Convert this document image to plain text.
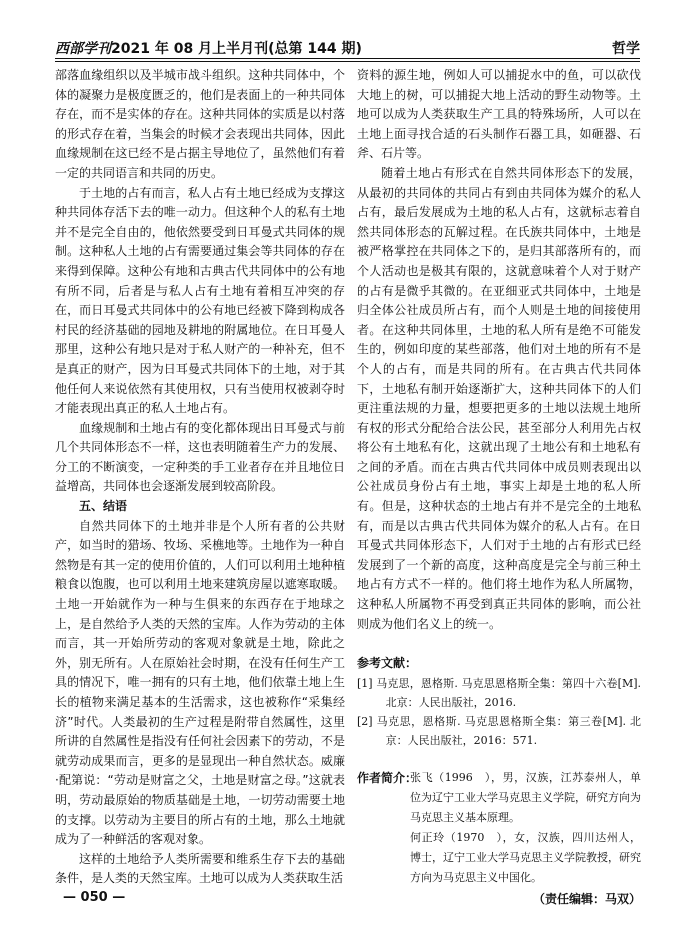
西部学刊2021 年 08 月上半月刊(总第 144 期)	哲学

部落血缘组织以及半城市战斗组织。这种共同体中，个体的凝聚力是极度匮乏的，他们是表面上的一种共同体存在，而不是实体的存在。这种共同体的实质是以村落的形式存在着，当集会的时候才会表现出共同体，因此血缘规制在这已经不是占据主导地位了，虽然他们有着一定的共同语言和共同的历史。

于土地的占有而言，私人占有土地已经成为支撑这种共同体存活下去的唯一动力。但这种个人的私有土地并不是完全自由的，他依然要受到日耳曼式共同体的规制。这种私人土地的占有需要通过集会等共同体的存在来得到保障。这种公有地和古典古代共同体中的公有地有所不同，后者是与私人占有土地有着相互冲突的存在，而日耳曼式共同体中的公有地已经被下降到构成各村民的经济基础的园地及耕地的附属地位。在日耳曼人那里，这种公有地只是对于私人财产的一种补充，但不是真正的财产，因为日耳曼式共同体下的土地，对于其他任何人来说依然有其使用权，只有当使用权被剥夺时才能表现出真正的私人土地占有。

血缘规制和土地占有的变化都体现出日耳曼式与前几个共同体形态不一样，这也表明随着生产力的发展、分工的不断演变，一定种类的手工业者存在并且地位日益增高，共同体也会逐渐发展到较高阶段。

五、结语

自然共同体下的土地并非是个人所有者的公共财产，如当时的猎场、牧场、采樵地等。土地作为一种自然物是有其一定的使用价值的，人们可以利用土地种植粮食以饱腹，也可以利用土地来建筑房屋以遮寒取暖。土地一开始就作为一种与生俱来的东西存在于地球之上，是自然给予人类的天然的宝库。人作为劳动的主体而言，其一开始所劳动的客观对象就是土地，除此之外，别无所有。人在原始社会时期，在没有任何生产工具的情况下，唯一拥有的只有土地，他们依靠土地上生长的植物来满足基本的生活需求，这也被称作“采集经济”时代。人类最初的生产过程是附带自然属性，这里所讲的自然属性是指没有任何社会因素下的劳动，不是就劳动成果而言，更多的是显现出一种自然状态。威廉·配第说：“劳动是财富之父，土地是财富之母。”这就表明，劳动最原始的物质基础是土地，一切劳动需要土地的支撑。以劳动为主要目的所占有的土地，那么土地就成为了一种鲜活的客观对象。

这样的土地给予人类所需要和维系生存下去的基础条件，是人类的天然宝库。土地可以成为人类获取生活

资料的源生地，例如人可以捕捉水中的鱼，可以砍伐大地上的树，可以捕捉大地上活动的野生动物等。土地可以成为人类获取生产工具的特殊场所，人可以在土地上面寻找合适的石头制作石器工具，如砸器、石斧、石片等。

随着土地占有形式在自然共同体形态下的发展，从最初的共同体的共同占有到由共同体为媒介的私人占有，最后发展成为土地的私人占有，这就标志着自然共同体形态的瓦解过程。在氏族共同体中，土地是被严格掌控在共同体之下的，是归其部落所有的，而个人活动也是极其有限的，这就意味着个人对于财产的占有是微乎其微的。在亚细亚式共同体中，土地是归全体公社成员所占有，而个人则是土地的间接使用者。在这种共同体里，土地的私人所有是绝不可能发生的，例如印度的某些部落，他们对土地的所有不是个人的占有，而是共同的所有。在古典古代共同体下，土地私有制开始逐渐扩大，这种共同体下的人们更注重法规的力量，想要把更多的土地以法规土地所有权的形式分配给合法公民，甚至部分人利用先占权将公有土地私有化，这就出现了土地公有和土地私有之间的矛盾。而在古典古代共同体中成员则表现出以公社成员身份占有土地，事实上却是土地的私人所有。但是，这种状态的土地占有并不是完全的土地私有，而是以古典古代共同体为媒介的私人占有。在日耳曼式共同体形态下，人们对于土地的占有形式已经发展到了一个新的高度，这种高度是完全与前三种土地占有方式不一样的。他们将土地作为私人所属物，这种私人所属物不再受到真正共同体的影响，而公社则成为他们名义上的统一。

参考文献：
[1] 马克思，恩格斯. 马克思恩格斯全集：第四十六卷[M]. 北京：人民出版社，2016.
[2] 马克思，恩格斯. 马克思恩格斯全集：第三卷[M]. 北京：人民出版社，2016：571.
作者简介：

张飞（1996　），男，汉族，江苏泰州人，单位为辽宁工业大学马克思主义学院，研究方向为马克思主义基本原理。

何正玲（1970　），女，汉族，四川达州人，博士，辽宁工业大学马克思主义学院教授，研究方向为马克思主义中国化。

（责任编辑：马双）
— 050 —
